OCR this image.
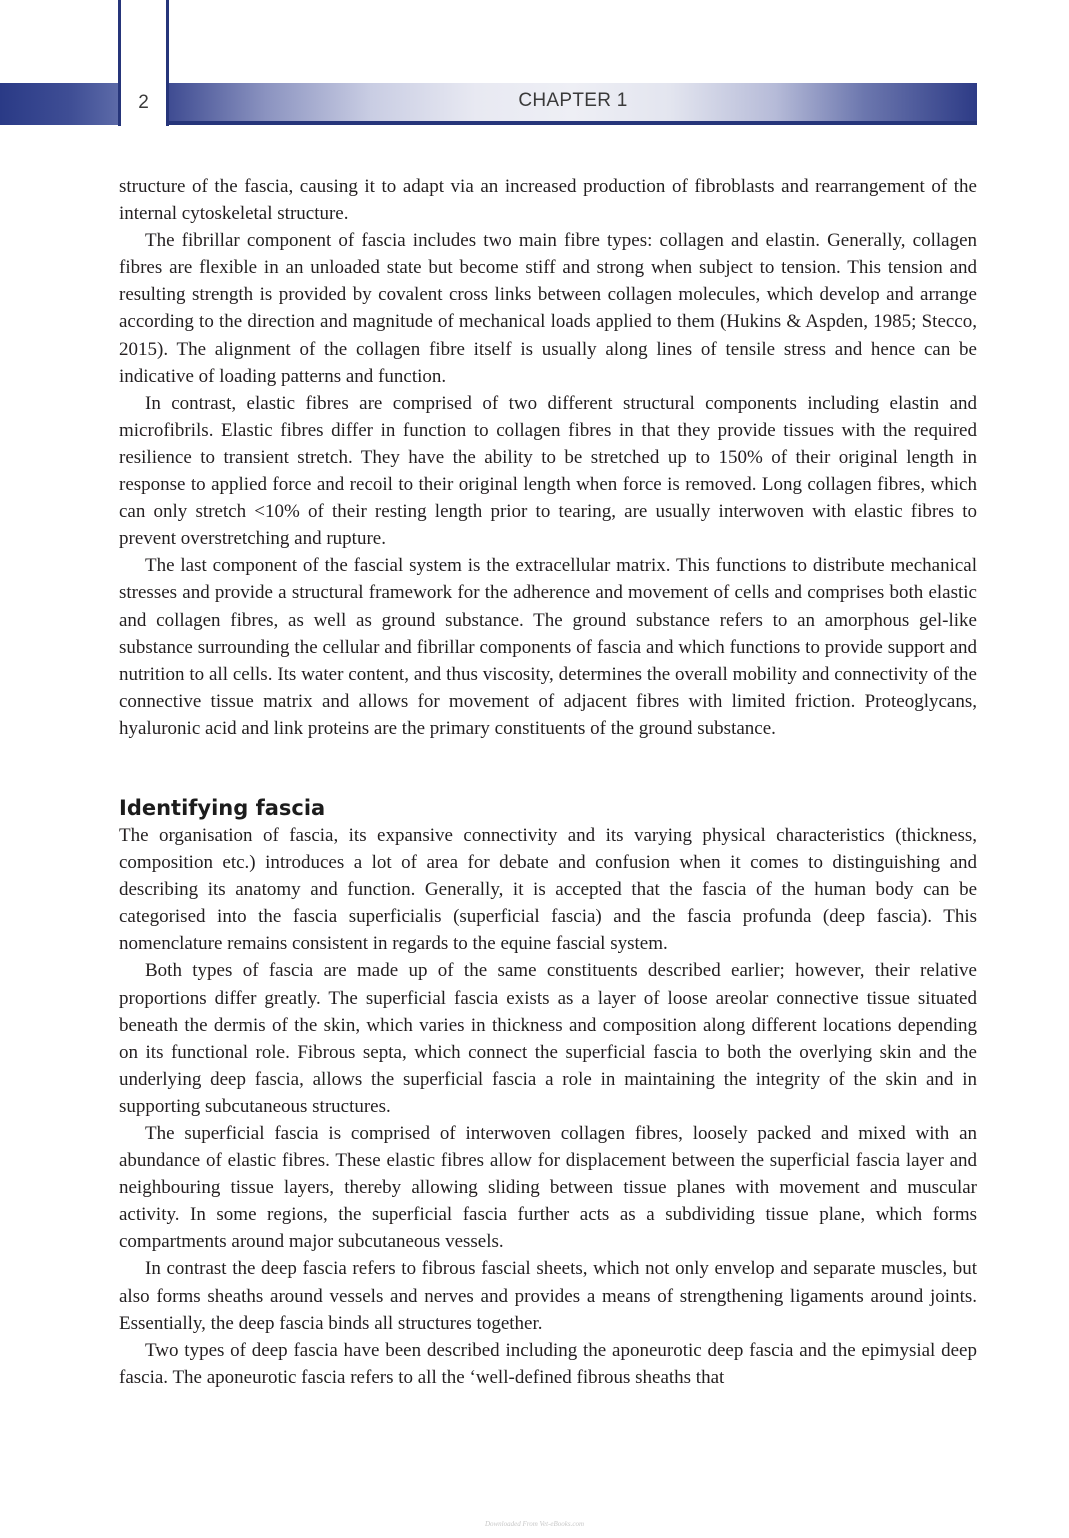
2	CHAPTER 1

structure of the fascia, causing it to adapt via an increased production of fibroblasts and rearrangement of the internal cytoskeletal structure.

The fibrillar component of fascia includes two main fibre types: collagen and elastin. Generally, collagen fibres are flexible in an unloaded state but become stiff and strong when subject to tension. This tension and resulting strength is provided by covalent cross links between collagen molecules, which develop and arrange according to the direction and magnitude of mechanical loads applied to them (Hukins & Aspden, 1985; Stecco, 2015). The alignment of the collagen fibre itself is usually along lines of tensile stress and hence can be indicative of loading patterns and function.

In contrast, elastic fibres are comprised of two different structural components including elastin and microfibrils. Elastic fibres differ in function to collagen fibres in that they provide tissues with the required resilience to transient stretch. They have the ability to be stretched up to 150% of their original length in response to applied force and recoil to their original length when force is removed. Long collagen fibres, which can only stretch <10% of their resting length prior to tearing, are usually interwoven with elastic fibres to prevent overstretching and rupture.

The last component of the fascial system is the extracellular matrix. This functions to distribute mechanical stresses and provide a structural framework for the adherence and movement of cells and comprises both elastic and collagen fibres, as well as ground substance. The ground substance refers to an amorphous gel-like substance surrounding the cellular and fibrillar components of fascia and which functions to provide support and nutrition to all cells. Its water content, and thus viscosity, determines the overall mobility and connectivity of the connective tissue matrix and allows for movement of adjacent fibres with limited friction. Proteoglycans, hyaluronic acid and link proteins are the primary constituents of the ground substance.

Identifying fascia

The organisation of fascia, its expansive connectivity and its varying physical characteristics (thickness, composition etc.) introduces a lot of area for debate and confusion when it comes to distinguishing and describing its anatomy and function. Generally, it is accepted that the fascia of the human body can be categorised into the fascia superficialis (superficial fascia) and the fascia profunda (deep fascia). This nomenclature remains consistent in regards to the equine fascial system.

Both types of fascia are made up of the same constituents described earlier; however, their relative proportions differ greatly. The superficial fascia exists as a layer of loose areolar connective tissue situated beneath the dermis of the skin, which varies in thickness and composition along different locations depending on its functional role. Fibrous septa, which connect the superficial fascia to both the overlying skin and the underlying deep fascia, allows the superficial fascia a role in maintaining the integrity of the skin and in supporting subcutaneous structures.

The superficial fascia is comprised of interwoven collagen fibres, loosely packed and mixed with an abundance of elastic fibres. These elastic fibres allow for displacement between the superficial fascia layer and neighbouring tissue layers, thereby allowing sliding between tissue planes with movement and muscular activity. In some regions, the superficial fascia further acts as a subdividing tissue plane, which forms compartments around major subcutaneous vessels.

In contrast the deep fascia refers to fibrous fascial sheets, which not only envelop and separate muscles, but also forms sheaths around vessels and nerves and provides a means of strengthening ligaments around joints. Essentially, the deep fascia binds all structures together.

Two types of deep fascia have been described including the aponeurotic deep fascia and the epimysial deep fascia. The aponeurotic fascia refers to all the ‘well-defined fibrous sheaths that

Downloaded From Vet-eBooks.com
